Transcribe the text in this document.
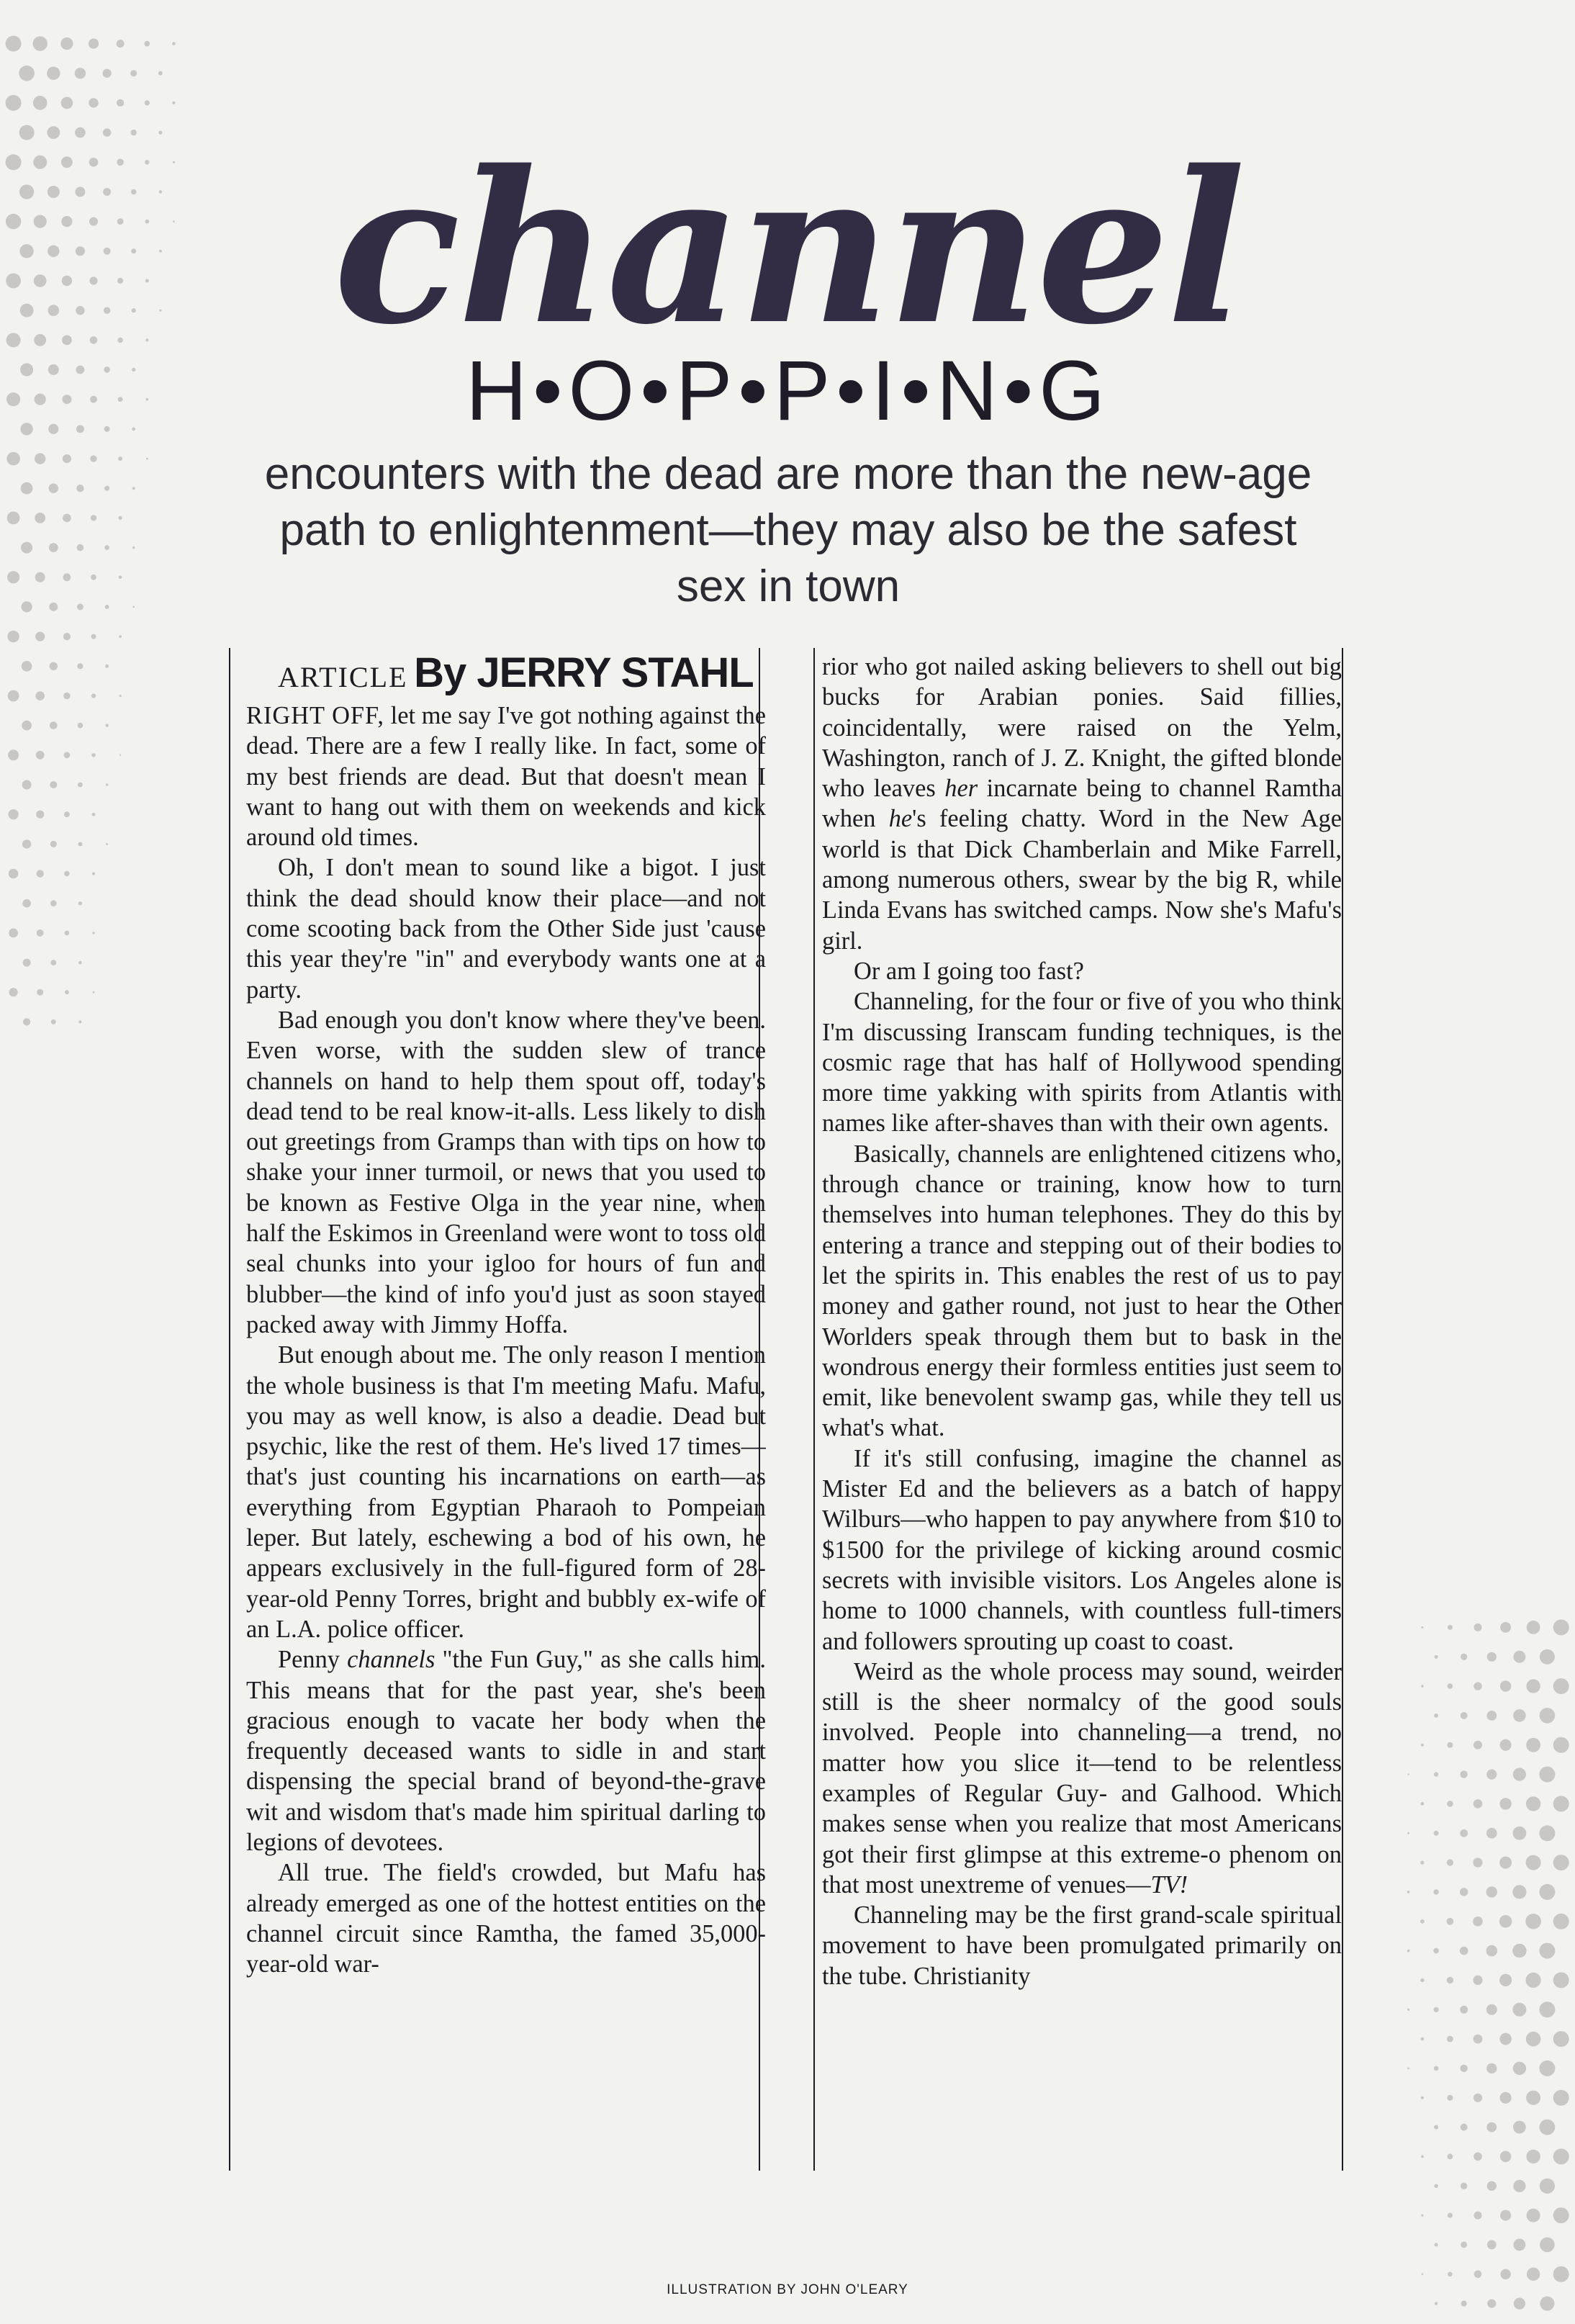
channel
H•O•P•P•I•N•G

encounters with the dead are more than the new-age path to enlightenment—they may also be the safest sex in town

ARTICLE By JERRY STAHL

RIGHT OFF, let me say I've got nothing against the dead. There are a few I really like. In fact, some of my best friends are dead. But that doesn't mean I want to hang out with them on weekends and kick around old times.

Oh, I don't mean to sound like a bigot. I just think the dead should know their place—and not come scooting back from the Other Side just 'cause this year they're "in" and everybody wants one at a party.

Bad enough you don't know where they've been. Even worse, with the sudden slew of trance channels on hand to help them spout off, today's dead tend to be real know-it-alls. Less likely to dish out greetings from Gramps than with tips on how to shake your inner turmoil, or news that you used to be known as Festive Olga in the year nine, when half the Eskimos in Greenland were wont to toss old seal chunks into your igloo for hours of fun and blubber—the kind of info you'd just as soon stayed packed away with Jimmy Hoffa.

But enough about me. The only reason I mention the whole business is that I'm meeting Mafu. Mafu, you may as well know, is also a deadie. Dead but psychic, like the rest of them. He's lived 17 times—that's just counting his incarnations on earth—as everything from Egyptian Pharaoh to Pompeian leper. But lately, eschewing a bod of his own, he appears exclusively in the full-figured form of 28-year-old Penny Torres, bright and bubbly ex-wife of an L.A. police officer.

Penny channels "the Fun Guy," as she calls him. This means that for the past year, she's been gracious enough to vacate her body when the frequently deceased wants to sidle in and start dispensing the special brand of beyond-the-grave wit and wisdom that's made him spiritual darling to legions of devotees.

All true. The field's crowded, but Mafu has already emerged as one of the hottest entities on the channel circuit since Ramtha, the famed 35,000-year-old war-

rior who got nailed asking believers to shell out big bucks for Arabian ponies. Said fillies, coincidentally, were raised on the Yelm, Washington, ranch of J. Z. Knight, the gifted blonde who leaves her incarnate being to channel Ramtha when he's feeling chatty. Word in the New Age world is that Dick Chamberlain and Mike Farrell, among numerous others, swear by the big R, while Linda Evans has switched camps. Now she's Mafu's girl.

Or am I going too fast?

Channeling, for the four or five of you who think I'm discussing Iranscam funding techniques, is the cosmic rage that has half of Hollywood spending more time yakking with spirits from Atlantis with names like after-shaves than with their own agents.

Basically, channels are enlightened citizens who, through chance or training, know how to turn themselves into human telephones. They do this by entering a trance and stepping out of their bodies to let the spirits in. This enables the rest of us to pay money and gather round, not just to hear the Other Worlders speak through them but to bask in the wondrous energy their formless entities just seem to emit, like benevolent swamp gas, while they tell us what's what.

If it's still confusing, imagine the channel as Mister Ed and the believers as a batch of happy Wilburs—who happen to pay anywhere from $10 to $1500 for the privilege of kicking around cosmic secrets with invisible visitors. Los Angeles alone is home to 1000 channels, with countless full-timers and followers sprouting up coast to coast.

Weird as the whole process may sound, weirder still is the sheer normalcy of the good souls involved. People into channeling—a trend, no matter how you slice it—tend to be relentless examples of Regular Guy- and Galhood. Which makes sense when you realize that most Americans got their first glimpse at this extreme-o phenom on that most unextreme of venues—TV!

Channeling may be the first grand-scale spiritual movement to have been promulgated primarily on the tube. Christianity

ILLUSTRATION BY JOHN O'LEARY
